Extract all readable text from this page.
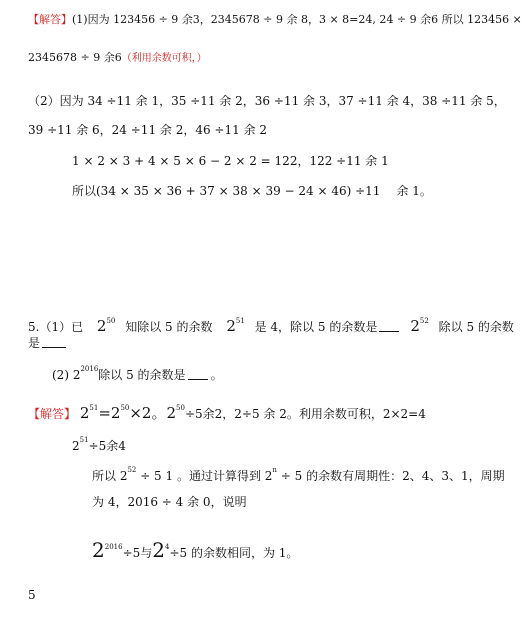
【解答】(1)因为 123456 ÷ 9 余3，2345678 ÷ 9 余 8，3 × 8=24, 24 ÷ 9 余6 所以 123456 ×
2345678 ÷ 9 余6（利用余数可积，）
（2）因为 34 ÷11 余 1，35 ÷11 余 2，36 ÷11 余 3，37 ÷11 余 4，38 ÷11 余 5，
39 ÷11 余 6，24 ÷11 余 2，46 ÷11 余 2
1 × 2 × 3 + 4 × 5 × 6 − 2 × 2 = 122，122 ÷11 余 1
所以(34 × 35 × 36 + 37 × 38 × 39 − 24 × 46) ÷11 余 1。
5.（1）已 $2^{50}$ 知除以 5 的余数 $2^{51}$ 是 4，除以 5 的余数是 $2^{52}$ 除以 5 的余数
是
(2) $2^{2016}$除以 5 的余数是 。
【解答】 $2^{51}=2^{50}\times 2$。$2^{50}\div 5$余2，2÷5 余 2。利用余数可积，2×2=4
$2^{51}\div 5$余4
所以 $2^{52} \div 5$ 1 。通过计算得到 $2^n \div 5$ 的余数有周期性：2、4、3、1，周期
为 4，2016 ÷ 4 余 0，说明
$2^{2016}\div 5$与$2^4\div 5$ 的余数相同，为 1。
5
